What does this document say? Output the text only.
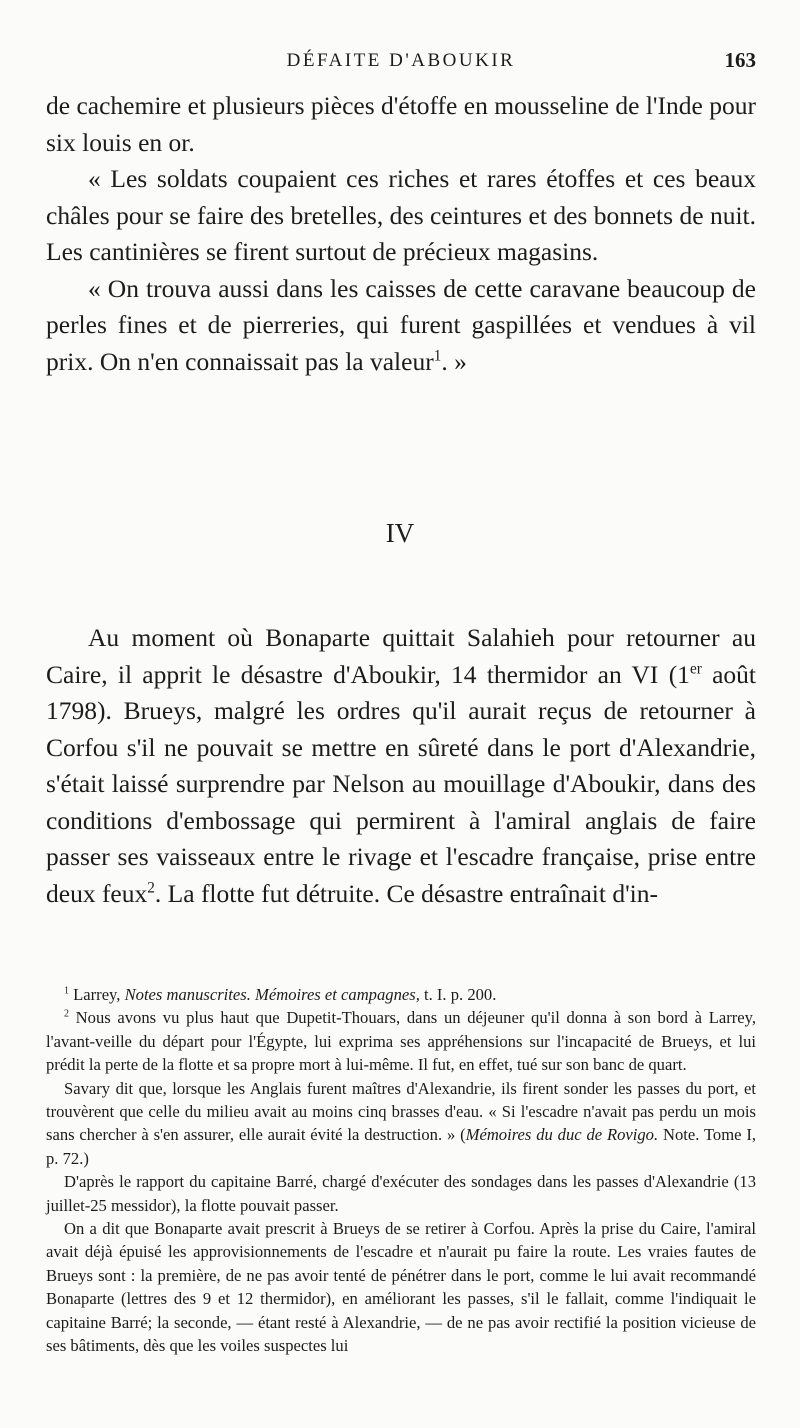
DÉFAITE D'ABOUKIR	163

de cachemire et plusieurs pièces d'étoffe en mousseline de l'Inde pour six louis en or.

« Les soldats coupaient ces riches et rares étoffes et ces beaux châles pour se faire des bretelles, des ceintures et des bonnets de nuit. Les cantinières se firent surtout de précieux magasins.

« On trouva aussi dans les caisses de cette caravane beaucoup de perles fines et de pierreries, qui furent gaspillées et vendues à vil prix. On n'en connaissait pas la valeur$^1$. »

IV

Au moment où Bonaparte quittait Salahieh pour retourner au Caire, il apprit le désastre d'Aboukir, 14 thermidor an VI (1er août 1798). Brueys, malgré les ordres qu'il aurait reçus de retourner à Corfou s'il ne pouvait se mettre en sûreté dans le port d'Alexandrie, s'était laissé surprendre par Nelson au mouillage d'Aboukir, dans des conditions d'embossage qui permirent à l'amiral anglais de faire passer ses vaisseaux entre le rivage et l'escadre française, prise entre deux feux$^2$. La flotte fut détruite. Ce désastre entraînait d'in-

$^1$ Larrey, Notes manuscrites. Mémoires et campagnes, t. I. p. 200.

$^2$ Nous avons vu plus haut que Dupetit-Thouars, dans un déjeuner qu'il donna à son bord à Larrey, l'avant-veille du départ pour l'Égypte, lui exprima ses appréhensions sur l'incapacité de Brueys, et lui prédit la perte de la flotte et sa propre mort à lui-même. Il fut, en effet, tué sur son banc de quart.

Savary dit que, lorsque les Anglais furent maîtres d'Alexandrie, ils firent sonder les passes du port, et trouvèrent que celle du milieu avait au moins cinq brasses d'eau. « Si l'escadre n'avait pas perdu un mois sans chercher à s'en assurer, elle aurait évité la destruction. » (Mémoires du duc de Rovigo. Note. Tome I, p. 72.)

D'après le rapport du capitaine Barré, chargé d'exécuter des sondages dans les passes d'Alexandrie (13 juillet-25 messidor), la flotte pouvait passer.

On a dit que Bonaparte avait prescrit à Brueys de se retirer à Corfou. Après la prise du Caire, l'amiral avait déjà épuisé les approvisionnements de l'escadre et n'aurait pu faire la route. Les vraies fautes de Brueys sont : la première, de ne pas avoir tenté de pénétrer dans le port, comme le lui avait recommandé Bonaparte (lettres des 9 et 12 thermidor), en améliorant les passes, s'il le fallait, comme l'indiquait le capitaine Barré; la seconde, — étant resté à Alexandrie, — de ne pas avoir rectifié la position vicieuse de ses bâtiments, dès que les voiles suspectes lui
